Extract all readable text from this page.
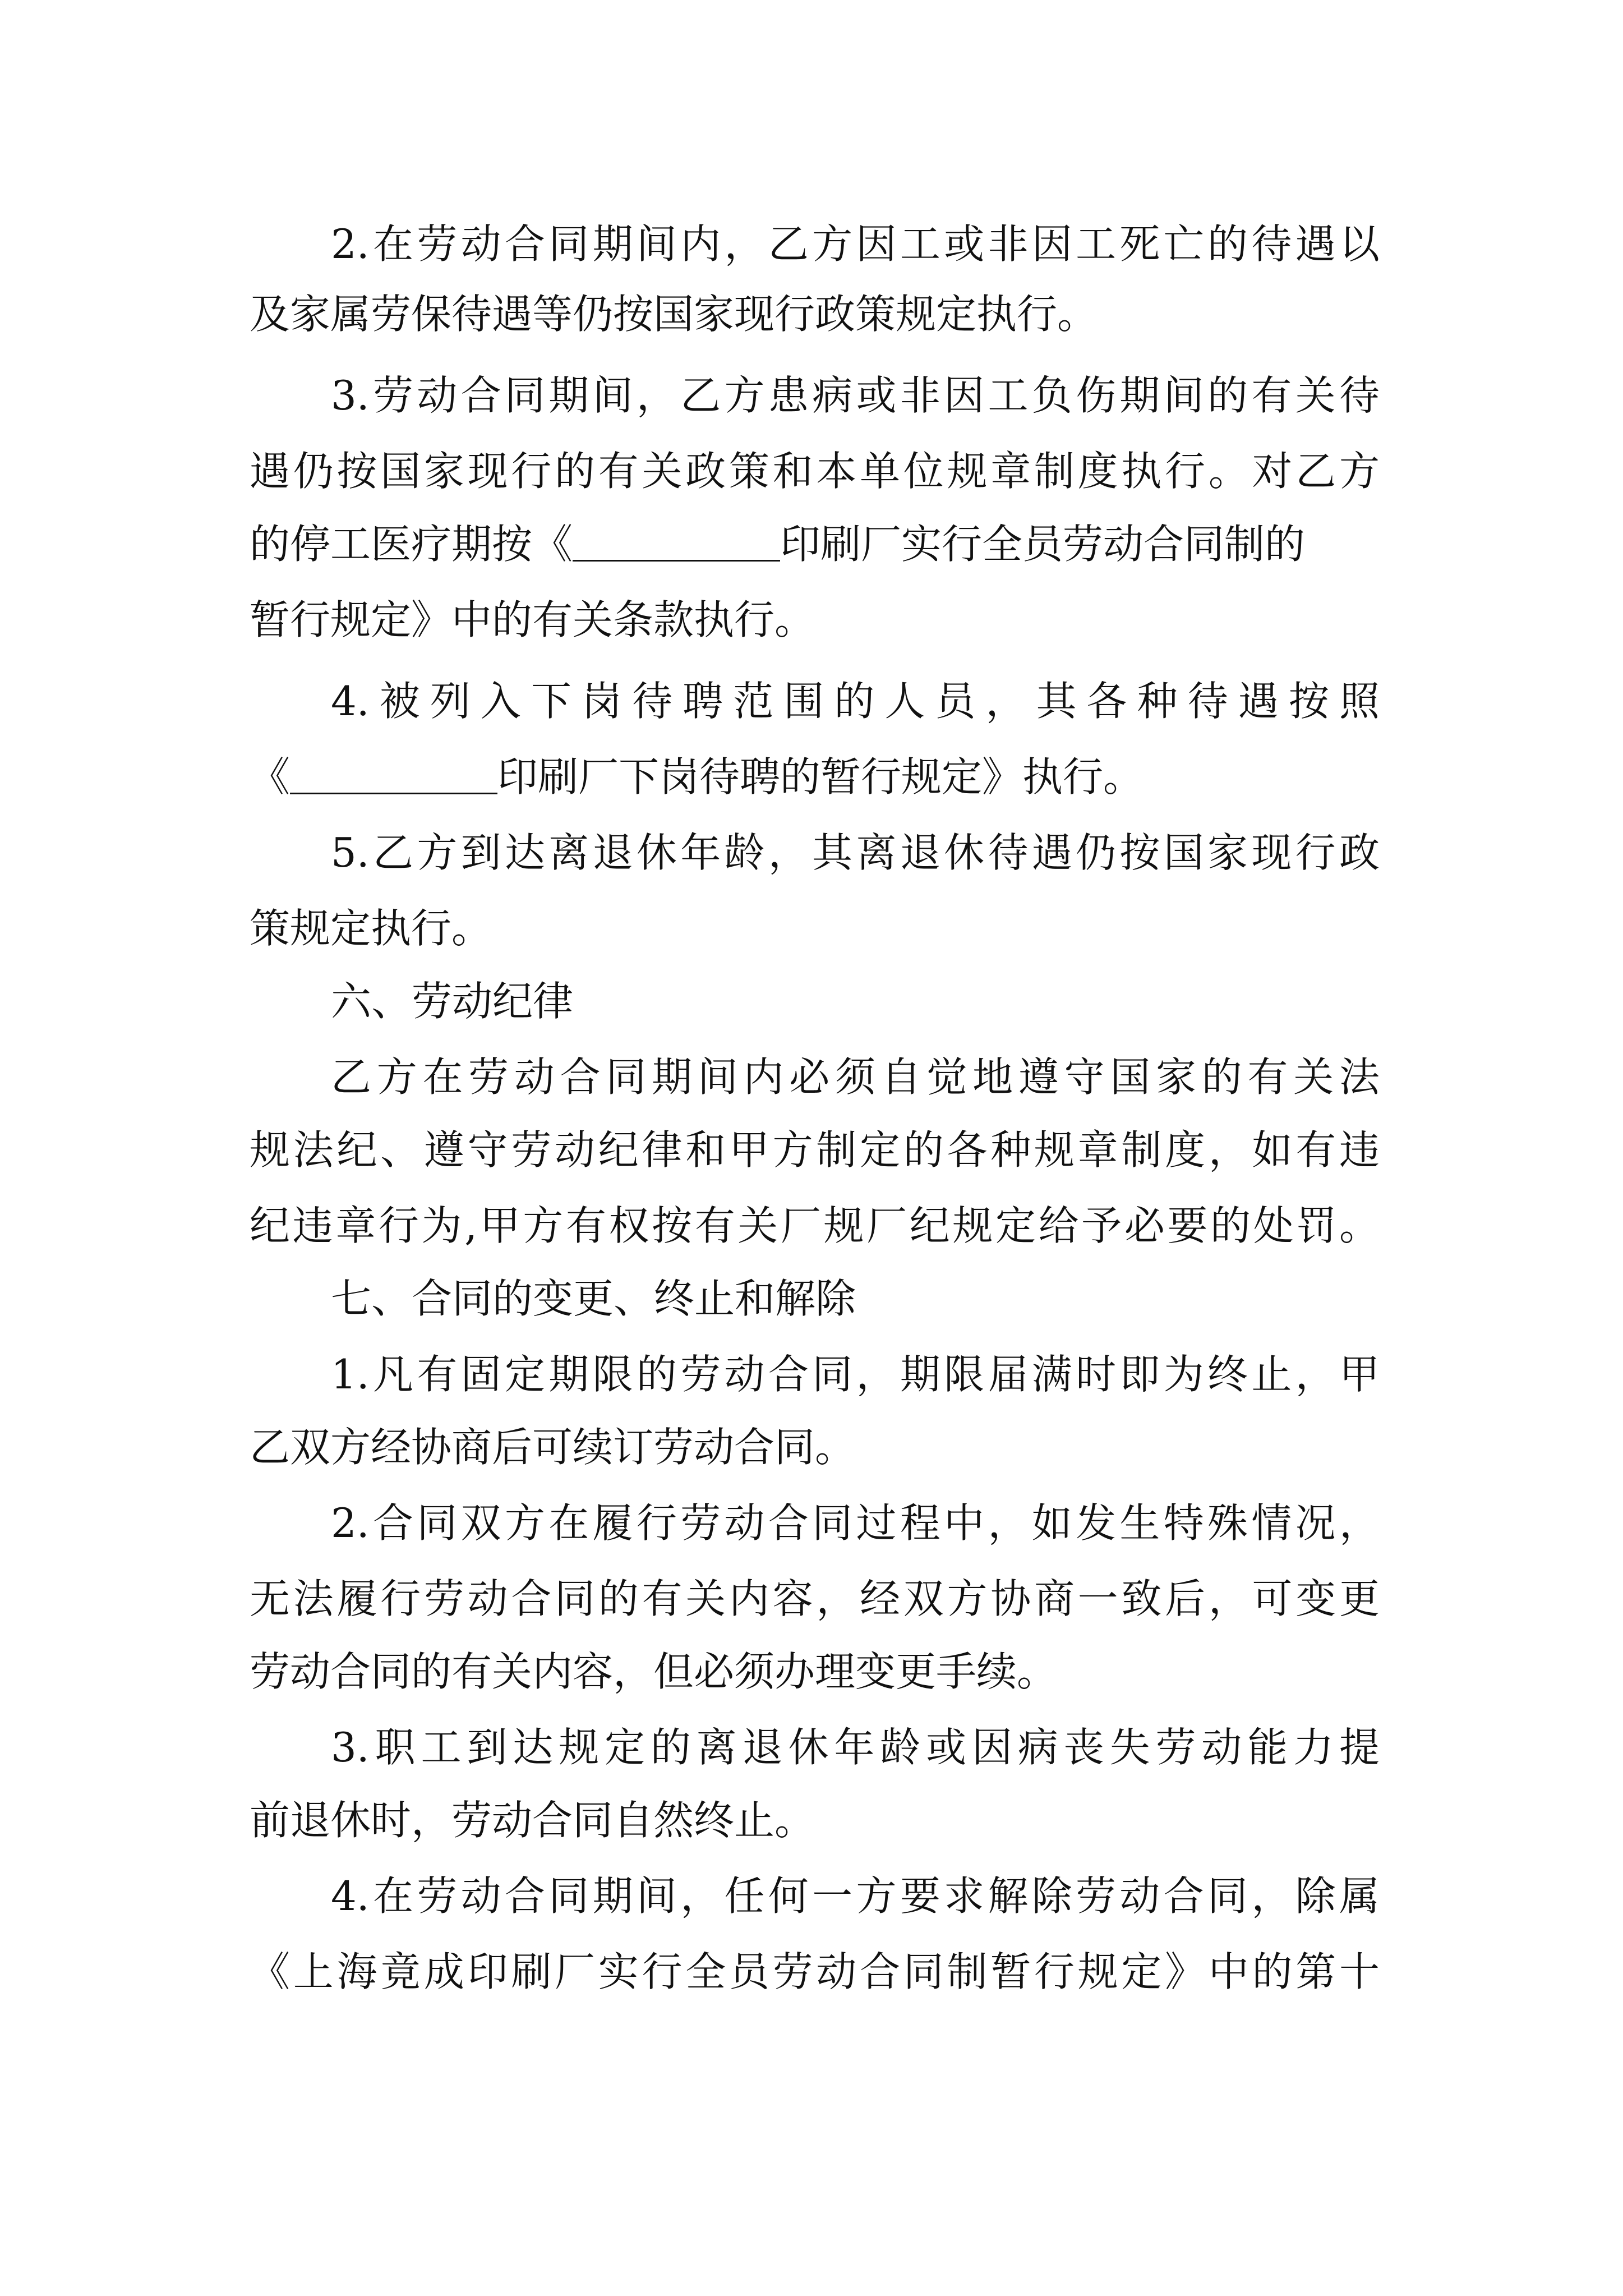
2.在劳动合同期间内，乙方因工或非因工死亡的待遇以
及家属劳保待遇等仍按国家现行政策规定执行。
3.劳动合同期间，乙方患病或非因工负伤期间的有关待
遇仍按国家现行的有关政策和本单位规章制度执行。对乙方
的停工医疗期按《	印刷厂实行全员劳动合同制的
暂行规定》中的有关条款执行。
4.被列入下岗待聘范围的人员，其各种待遇按照
《	印刷厂下岗待聘的暂行规定》执行。
5.乙方到达离退休年龄，其离退休待遇仍按国家现行政
策规定执行。
六、劳动纪律
乙方在劳动合同期间内必须自觉地遵守国家的有关法
规法纪、遵守劳动纪律和甲方制定的各种规章制度，如有违
纪违章行为,甲方有权按有关厂规厂纪规定给予必要的处罚。
七、合同的变更、终止和解除
1.凡有固定期限的劳动合同，期限届满时即为终止，甲
乙双方经协商后可续订劳动合同。
2.合同双方在履行劳动合同过程中，如发生特殊情况，
无法履行劳动合同的有关内容，经双方协商一致后，可变更
劳动合同的有关内容，但必须办理变更手续。
3.职工到达规定的离退休年龄或因病丧失劳动能力提
前退休时，劳动合同自然终止。
4.在劳动合同期间，任何一方要求解除劳动合同，除属
《上海竟成印刷厂实行全员劳动合同制暂行规定》中的第十
